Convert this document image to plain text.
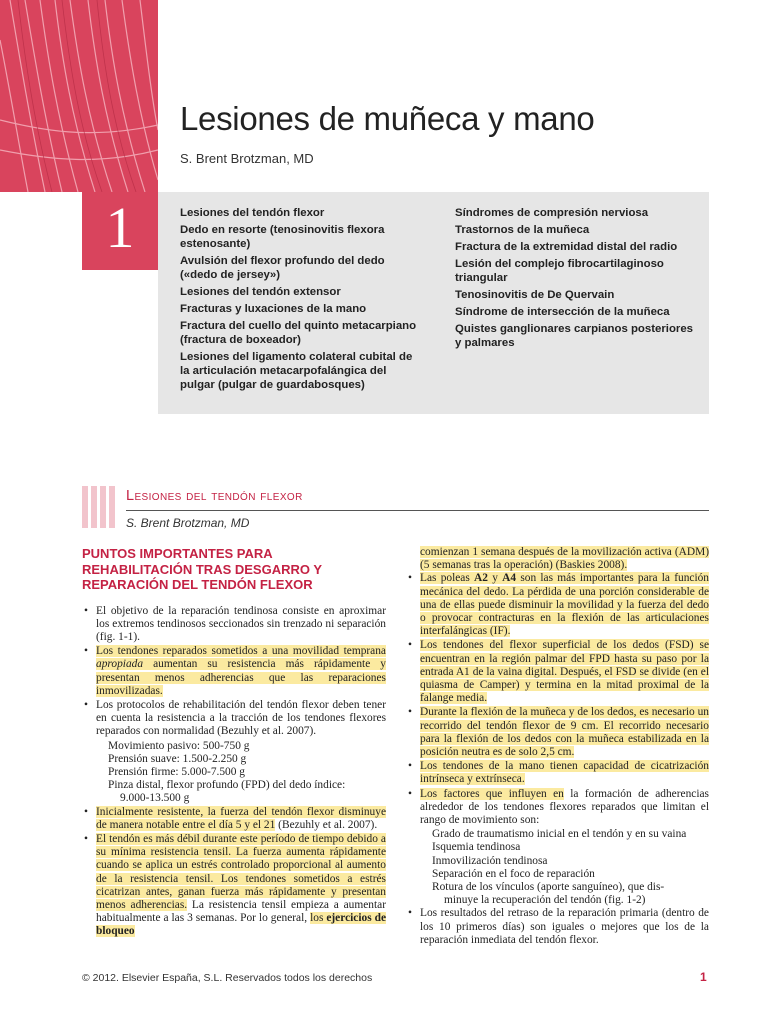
Lesiones de muñeca y mano
S. Brent Brotzman, MD
1	Lesiones del tendón flexor
Dedo en resorte (tenosinovitis flexora estenosante)
Avulsión del flexor profundo del dedo («dedo de jersey»)
Lesiones del tendón extensor
Fracturas y luxaciones de la mano
Fractura del cuello del quinto metacarpiano (fractura de boxeador)
Lesiones del ligamento colateral cubital de la articulación metacarpofalángica del pulgar (pulgar de guardabosques)
Síndromes de compresión nerviosa
Trastornos de la muñeca
Fractura de la extremidad distal del radio
Lesión del complejo fibrocartilaginoso triangular
Tenosinovitis de De Quervain
Síndrome de intersección de la muñeca
Quistes ganglionares carpianos posteriores y palmares
Lesiones del tendón flexor
S. Brent Brotzman, MD
PUNTOS IMPORTANTES PARA REHABILITACIÓN TRAS DESGARRO Y REPARACIÓN DEL TENDÓN FLEXOR
• El objetivo de la reparación tendinosa consiste en aproximar los extremos tendinosos seccionados sin trenzado ni separación (fig. 1-1).
• Los tendones reparados sometidos a una movilidad temprana apropiada aumentan su resistencia más rápidamente y presentan menos adherencias que las reparaciones inmovilizadas.
• Los protocolos de rehabilitación del tendón flexor deben tener en cuenta la resistencia a la tracción de los tendones flexores reparados con normalidad (Bezuhly et al. 2007).
Movimiento pasivo: 500-750 g
Prensión suave: 1.500-2.250 g
Prensión firme: 5.000-7.500 g
Pinza distal, flexor profundo (FPD) del dedo índice:
9.000-13.500 g
• Inicialmente resistente, la fuerza del tendón flexor disminuye de manera notable entre el día 5 y el 21 (Bezuhly et al. 2007).
• El tendón es más débil durante este período de tiempo debido a su mínima resistencia tensil. La fuerza aumenta rápidamente cuando se aplica un estrés controlado proporcional al aumento de la resistencia tensil. Los tendones sometidos a estrés cicatrizan antes, ganan fuerza más rápidamente y presentan menos adherencias. La resistencia tensil empieza a aumentar habitualmente a las 3 semanas. Por lo general, los ejercicios de bloqueo
comienzan 1 semana después de la movilización activa (ADM) (5 semanas tras la operación) (Baskies 2008).
• Las poleas A2 y A4 son las más importantes para la función mecánica del dedo. La pérdida de una porción considerable de una de ellas puede disminuir la movilidad y la fuerza del dedo o provocar contracturas en la flexión de las articulaciones interfalángicas (IF).
• Los tendones del flexor superficial de los dedos (FSD) se encuentran en la región palmar del FPD hasta su paso por la entrada A1 de la vaina digital. Después, el FSD se divide (en el quiasma de Camper) y termina en la mitad proximal de la falange media.
• Durante la flexión de la muñeca y de los dedos, es necesario un recorrido del tendón flexor de 9 cm. El recorrido necesario para la flexión de los dedos con la muñeca estabilizada en la posición neutra es de solo 2,5 cm.
• Los tendones de la mano tienen capacidad de cicatrización intrínseca y extrínseca.
• Los factores que influyen en la formación de adherencias alrededor de los tendones flexores reparados que limitan el rango de movimiento son:
Grado de traumatismo inicial en el tendón y en su vaina
Isquemia tendinosa
Inmovilización tendinosa
Separación en el foco de reparación
Rotura de los vínculos (aporte sanguíneo), que dis-
minuye la recuperación del tendón (fig. 1-2)
• Los resultados del retraso de la reparación primaria (dentro de los 10 primeros días) son iguales o mejores que los de la reparación inmediata del tendón flexor.
© 2012. Elsevier España, S.L. Reservados todos los derechos	1
